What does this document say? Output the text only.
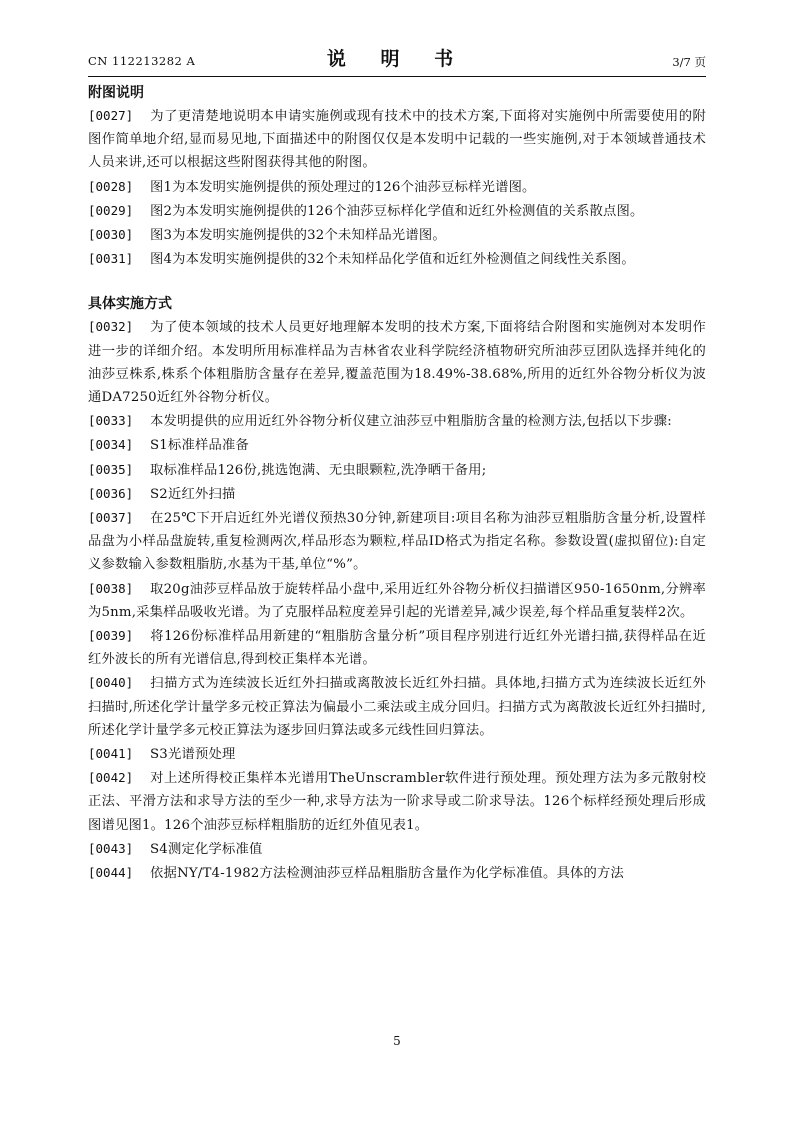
CN 112213282 A	说 明 书	3/7 页
附图说明
[0027] 为了更清楚地说明本申请实施例或现有技术中的技术方案,下面将对实施例中所需要使用的附图作简单地介绍,显而易见地,下面描述中的附图仅仅是本发明中记载的一些实施例,对于本领域普通技术人员来讲,还可以根据这些附图获得其他的附图。
[0028] 图1为本发明实施例提供的预处理过的126个油莎豆标样光谱图。
[0029] 图2为本发明实施例提供的126个油莎豆标样化学值和近红外检测值的关系散点图。
[0030] 图3为本发明实施例提供的32个未知样品光谱图。
[0031] 图4为本发明实施例提供的32个未知样品化学值和近红外检测值之间线性关系图。
具体实施方式
[0032] 为了使本领域的技术人员更好地理解本发明的技术方案,下面将结合附图和实施例对本发明作进一步的详细介绍。本发明所用标准样品为吉林省农业科学院经济植物研究所油莎豆团队选择并纯化的油莎豆株系,株系个体粗脂肪含量存在差异,覆盖范围为18.49%-38.68%,所用的近红外谷物分析仪为波通DA7250近红外谷物分析仪。
[0033] 本发明提供的应用近红外谷物分析仪建立油莎豆中粗脂肪含量的检测方法,包括以下步骤:
[0034] S1标准样品准备
[0035] 取标准样品126份,挑选饱满、无虫眼颗粒,洗净晒干备用;
[0036] S2近红外扫描
[0037] 在25℃下开启近红外光谱仪预热30分钟,新建项目:项目名称为油莎豆粗脂肪含量分析,设置样品盘为小样品盘旋转,重复检测两次,样品形态为颗粒,样品ID格式为指定名称。参数设置(虚拟留位):自定义参数输入参数粗脂肪,水基为干基,单位“%”。
[0038] 取20g油莎豆样品放于旋转样品小盘中,采用近红外谷物分析仪扫描谱区950-1650nm,分辨率为5nm,采集样品吸收光谱。为了克服样品粒度差异引起的光谱差异,减少误差,每个样品重复装样2次。
[0039] 将126份标准样品用新建的“粗脂肪含量分析”项目程序别进行近红外光谱扫描,获得样品在近红外波长的所有光谱信息,得到校正集样本光谱。
[0040] 扫描方式为连续波长近红外扫描或离散波长近红外扫描。具体地,扫描方式为连续波长近红外扫描时,所述化学计量学多元校正算法为偏最小二乘法或主成分回归。扫描方式为离散波长近红外扫描时,所述化学计量学多元校正算法为逐步回归算法或多元线性回归算法。
[0041] S3光谱预处理
[0042] 对上述所得校正集样本光谱用TheUnscrambler软件进行预处理。预处理方法为多元散射校正法、平滑方法和求导方法的至少一种,求导方法为一阶求导或二阶求导法。126个标样经预处理后形成图谱见图1。126个油莎豆标样粗脂肪的近红外值见表1。
[0043] S4测定化学标准值
[0044] 依据NY/T4-1982方法检测油莎豆样品粗脂肪含量作为化学标准值。具体的方法
5
